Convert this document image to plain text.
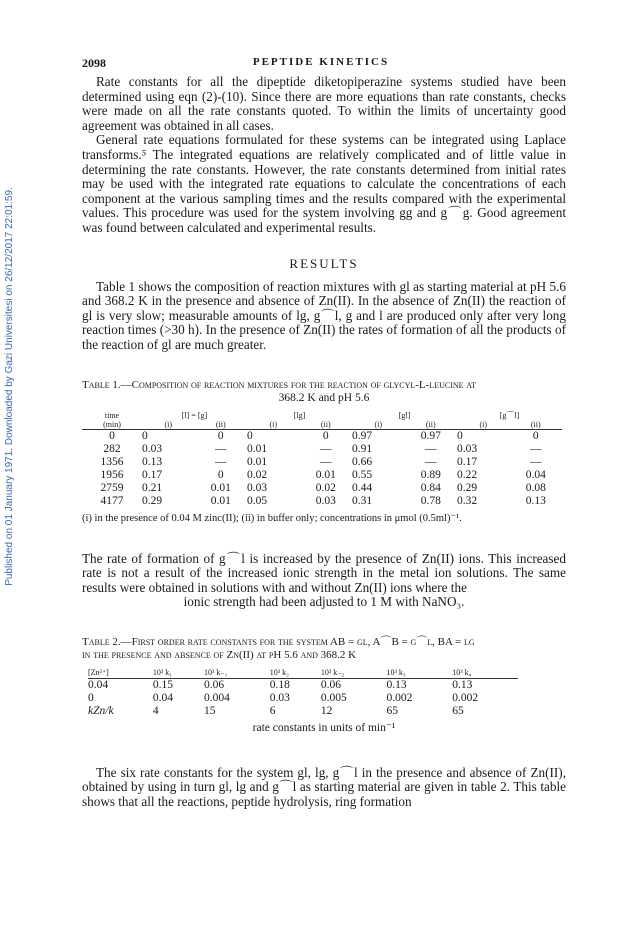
Published on 01 January 1971. Downloaded by Gazi Universitesi on 26/12/2017 22:01:59.
2098	PEPTIDE KINETICS

Rate constants for all the dipeptide diketopiperazine systems studied have been determined using eqn (2)-(10). Since there are more equations than rate constants, checks were made on all the rate constants quoted. To within the limits of uncertainty good agreement was obtained in all cases.

General rate equations formulated for these systems can be integrated using Laplace transforms.⁵ The integrated equations are relatively complicated and of little value in determining the rate constants. However, the rate constants determined from initial rates may be used with the integrated rate equations to calculate the concentrations of each component at the various sampling times and the results compared with the experimental values. This procedure was used for the system involving gg and g⌒g. Good agreement was found between calculated and experimental results.

RESULTS

Table 1 shows the composition of reaction mixtures with gl as starting material at pH 5.6 and 368.2 K in the presence and absence of Zn(II). In the absence of Zn(II) the reaction of gl is very slow; measurable amounts of lg, g⌒l, g and l are produced only after very long reaction times (>30 h). In the presence of Zn(II) the rates of formation of all the products of the reaction of gl are much greater.

Table 1.—Composition of reaction mixtures for the reaction of glycyl-L-leucine at
368.2 K and pH 5.6
time	[l] = [g]		[lg]		[gl]		[g⌒l]	
(min)	(i)	(ii)	(i)	(ii)	(i)	(ii)	(i)	(ii)
0	0	0	0	0	0.97	0.97	0	0
282	0.03	—	0.01	—	0.91	—	0.03	—
1356	0.13	—	0.01	—	0.66	—	0.17	—
1956	0.17	0	0.02	0.01	0.55	0.89	0.22	0.04
2759	0.21	0.01	0.03	0.02	0.44	0.84	0.29	0.08
4177	0.29	0.01	0.05	0.03	0.31	0.78	0.32	0.13
(i) in the presence of 0.04 M zinc(II); (ii) in buffer only; concentrations in μmol (0.5ml)⁻¹.

The rate of formation of g⌒l is increased by the presence of Zn(II) ions. This increased rate is not a result of the increased ionic strength in the metal ion solutions. The same results were obtained in solutions with and without Zn(II) ions where the

ionic strength had been adjusted to 1 M with NaNO₃.
Table 2.—First order rate constants for the system AB = gl, A⌒B = g⌒l, BA = lg
in the presence and absence of Zn(II) at pH 5.6 and 368.2 K
[Zn²⁺]	10³ k₁	10³ k₋₁	10³ k₂	10³ k₋₂	10³ k₃	10³ k₄
0.04	0.15	0.06	0.18	0.06	0.13	0.13
0	0.04	0.004	0.03	0.005	0.002	0.002
kZn/k	4	15	6	12	65	65
rate constants in units of min⁻¹

The six rate constants for the system gl, lg, g⌒l in the presence and absence of Zn(II), obtained by using in turn gl, lg and g⌒l as starting material are given in table 2. This table shows that all the reactions, peptide hydrolysis, ring formation
